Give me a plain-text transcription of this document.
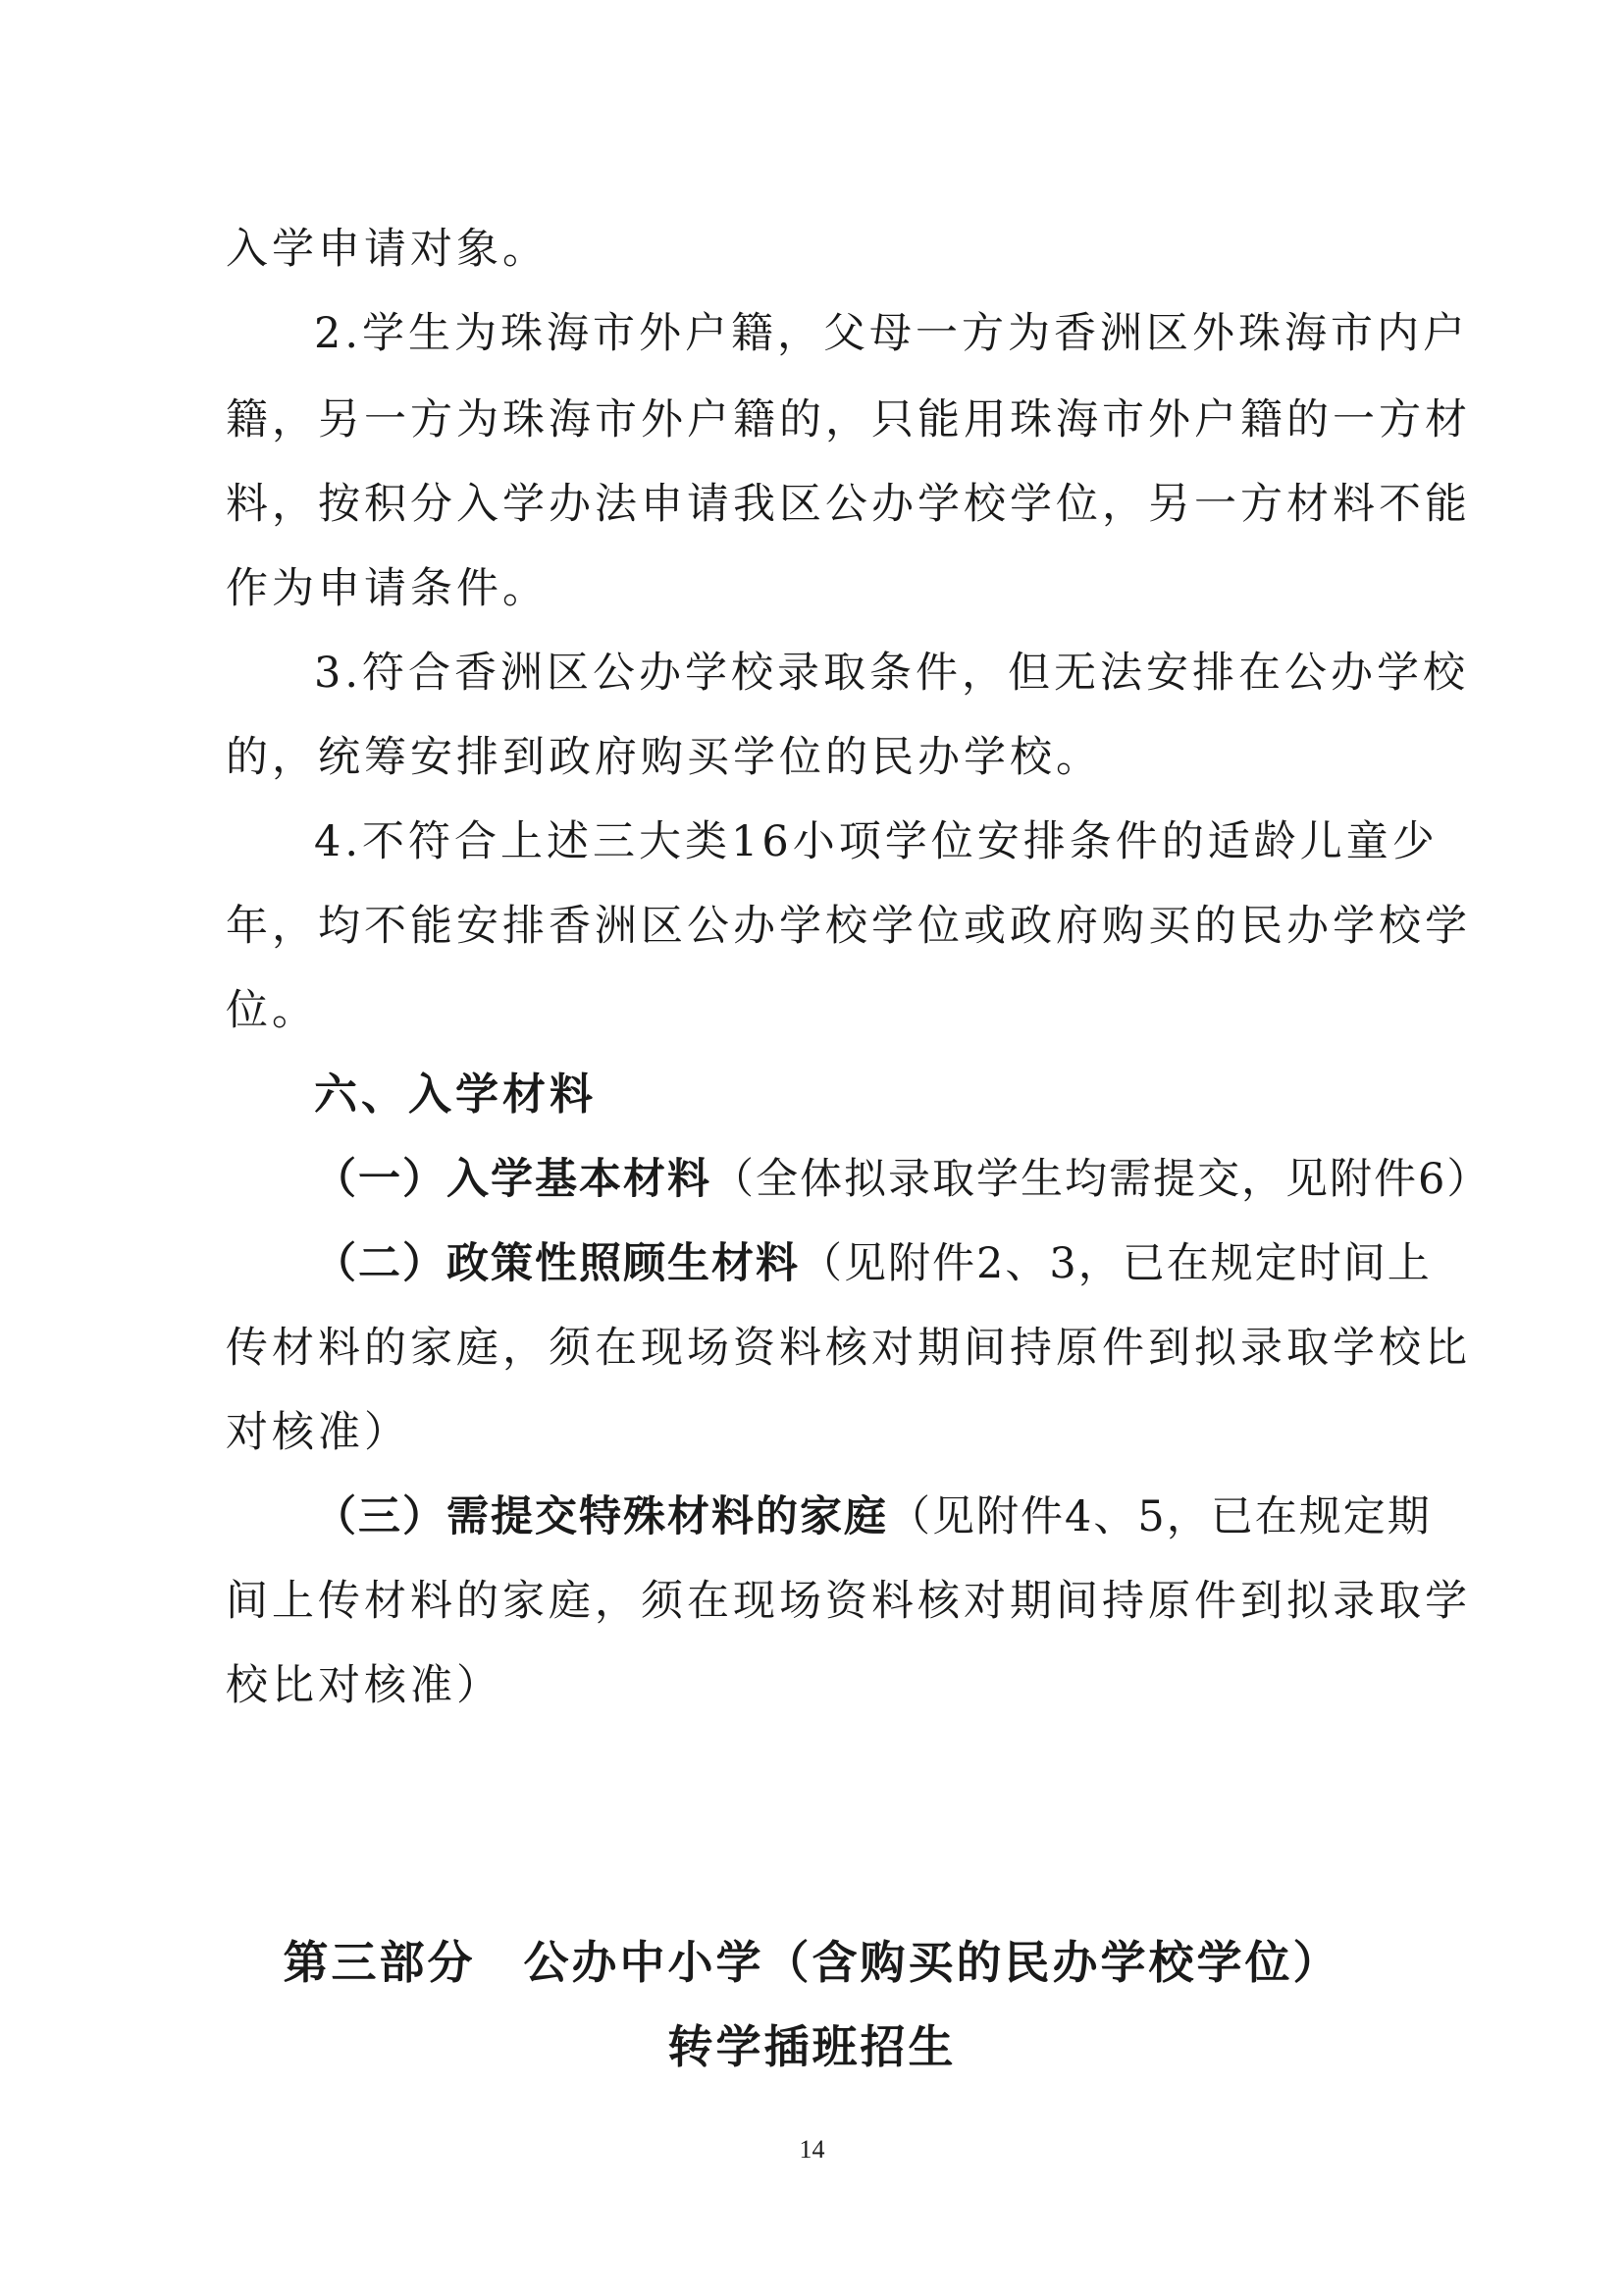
入学申请对象。
2.学生为珠海市外户籍，父母一方为香洲区外珠海市内户
籍，另一方为珠海市外户籍的，只能用珠海市外户籍的一方材
料，按积分入学办法申请我区公办学校学位，另一方材料不能
作为申请条件。
3.符合香洲区公办学校录取条件，但无法安排在公办学校
的，统筹安排到政府购买学位的民办学校。
4.不符合上述三大类16小项学位安排条件的适龄儿童少
年，均不能安排香洲区公办学校学位或政府购买的民办学校学
位。
六、入学材料
（一）入学基本材料（全体拟录取学生均需提交，见附件6）
（二）政策性照顾生材料（见附件2、3，已在规定时间上
传材料的家庭，须在现场资料核对期间持原件到拟录取学校比
对核准）
（三）需提交特殊材料的家庭（见附件4、5，已在规定期
间上传材料的家庭，须在现场资料核对期间持原件到拟录取学
校比对核准）
第三部分　公办中小学（含购买的民办学校学位）
转学插班招生
14
